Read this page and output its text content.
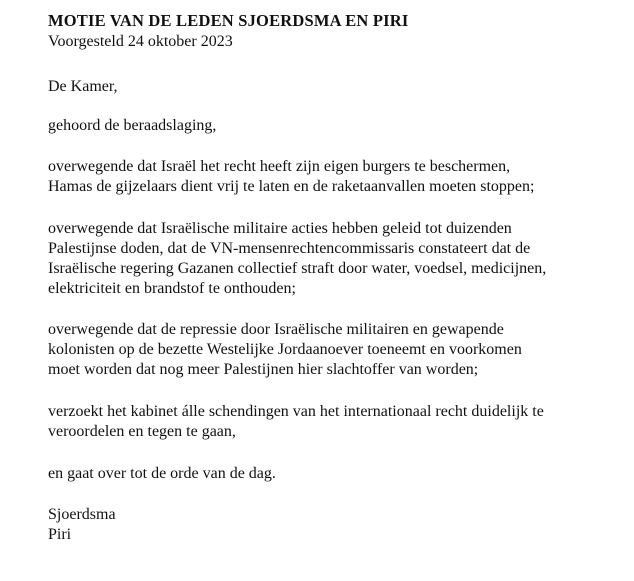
MOTIE VAN DE LEDEN SJOERDSMA EN PIRI

Voorgesteld 24 oktober 2023

De Kamer,

gehoord de beraadslaging,

overwegende dat Israël het recht heeft zijn eigen burgers te beschermen,
Hamas de gijzelaars dient vrij te laten en de raketaanvallen moeten stoppen;

overwegende dat Israëlische militaire acties hebben geleid tot duizenden
Palestijnse doden, dat de VN-mensenrechtencommissaris constateert dat de
Israëlische regering Gazanen collectief straft door water, voedsel, medicijnen,
elektriciteit en brandstof te onthouden;

overwegende dat de repressie door Israëlische militairen en gewapende
kolonisten op de bezette Westelijke Jordaanoever toeneemt en voorkomen
moet worden dat nog meer Palestijnen hier slachtoffer van worden;

verzoekt het kabinet álle schendingen van het internationaal recht duidelijk te
veroordelen en tegen te gaan,

en gaat over tot de orde van de dag.

Sjoerdsma
Piri
